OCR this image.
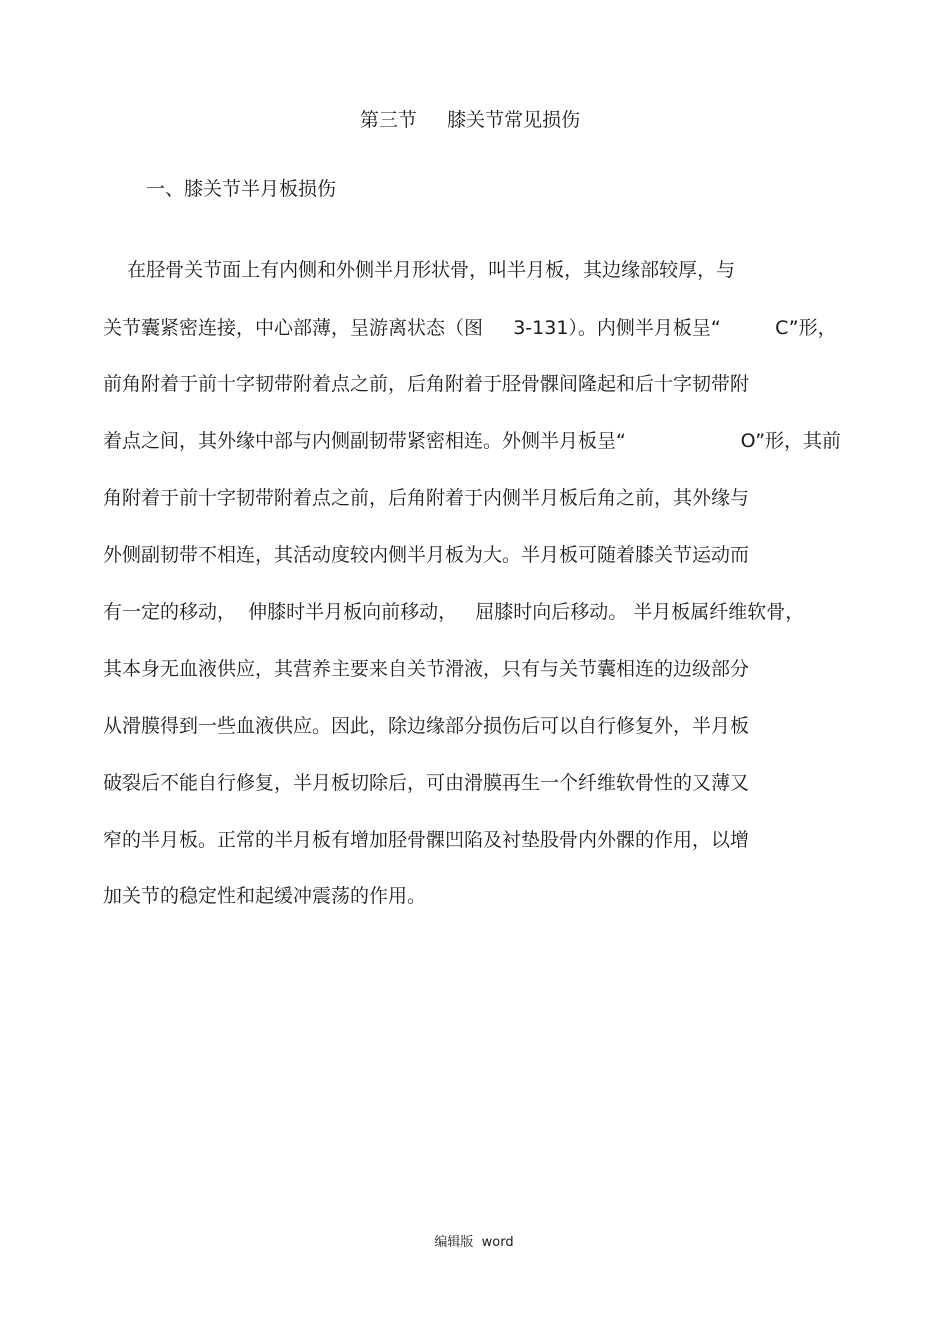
第三节     膝关节常见损伤
一、膝关节半月板损伤
在胫骨关节面上有内侧和外侧半月形状骨，叫半月板，其边缘部较厚，与
关节囊紧密连接，中心部薄，呈游离状态（图     3-131）。内侧半月板呈“         C”形，
前角附着于前十字韧带附着点之前，后角附着于胫骨髁间隆起和后十字韧带附
着点之间，其外缘中部与内侧副韧带紧密相连。外侧半月板呈“                   O”形，其前
角附着于前十字韧带附着点之前，后角附着于内侧半月板后角之前，其外缘与
外侧副韧带不相连，其活动度较内侧半月板为大。半月板可随着膝关节运动而
有一定的移动，  伸膝时半月板向前移动，   屈膝时向后移动。 半月板属纤维软骨，
其本身无血液供应，其营养主要来自关节滑液，只有与关节囊相连的边级部分
从滑膜得到一些血液供应。因此，除边缘部分损伤后可以自行修复外，半月板
破裂后不能自行修复，半月板切除后，可由滑膜再生一个纤维软骨性的又薄又
窄的半月板。正常的半月板有增加胫骨髁凹陷及衬垫股骨内外髁的作用，以增
加关节的稳定性和起缓冲震荡的作用。
编辑版  word
